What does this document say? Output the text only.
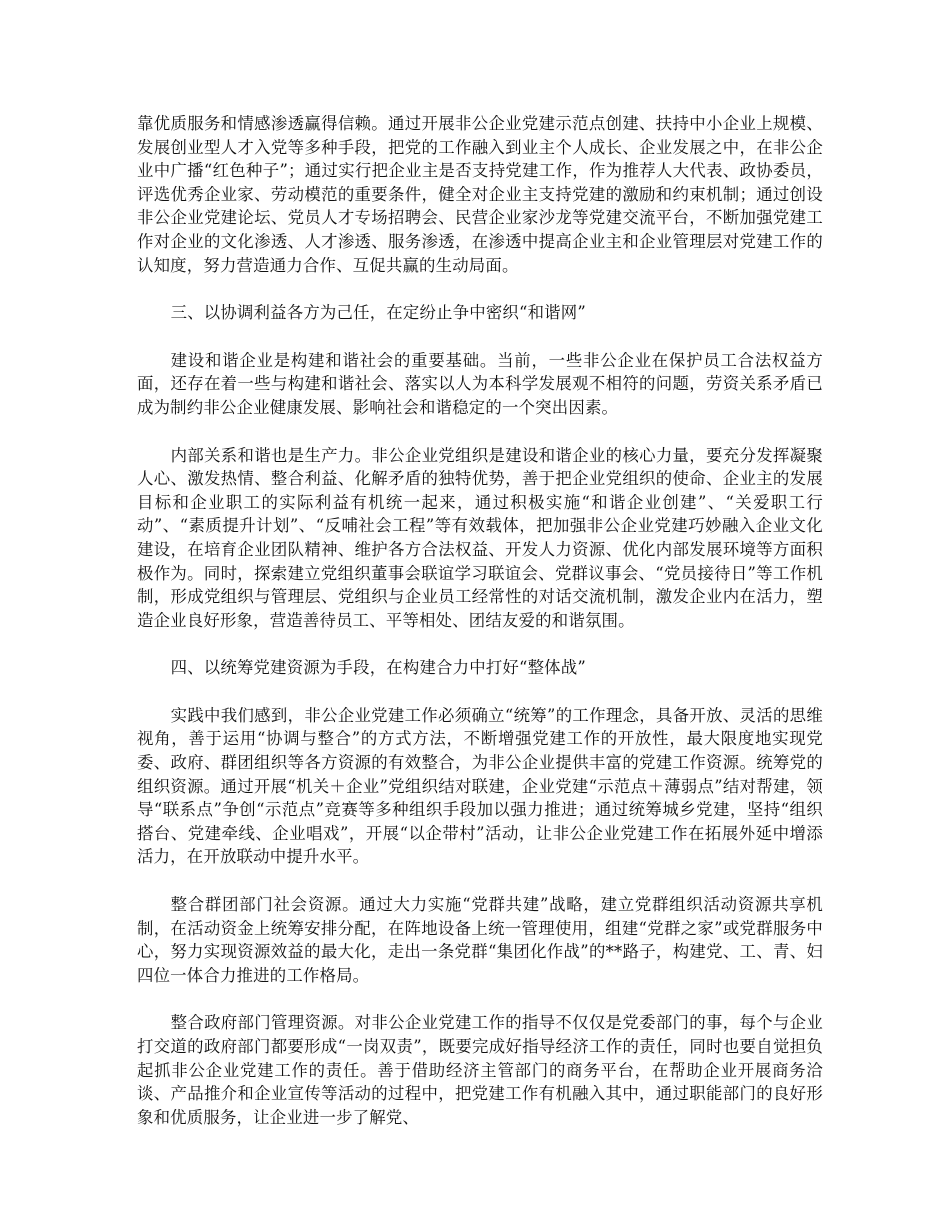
靠优质服务和情感渗透赢得信赖。通过开展非公企业党建示范点创建、扶持中小企业上规模、发展创业型人才入党等多种手段，把党的工作融入到业主个人成长、企业发展之中，在非公企业中广播“红色种子”；通过实行把企业主是否支持党建工作，作为推荐人大代表、政协委员，评选优秀企业家、劳动模范的重要条件，健全对企业主支持党建的激励和约束机制；通过创设非公企业党建论坛、党员人才专场招聘会、民营企业家沙龙等党建交流平台，不断加强党建工作对企业的文化渗透、人才渗透、服务渗透，在渗透中提高企业主和企业管理层对党建工作的认知度，努力营造通力合作、互促共赢的生动局面。

三、以协调利益各方为己任，在定纷止争中密织“和谐网”

建设和谐企业是构建和谐社会的重要基础。当前，一些非公企业在保护员工合法权益方面，还存在着一些与构建和谐社会、落实以人为本科学发展观不相符的问题，劳资关系矛盾已成为制约非公企业健康发展、影响社会和谐稳定的一个突出因素。

内部关系和谐也是生产力。非公企业党组织是建设和谐企业的核心力量，要充分发挥凝聚人心、激发热情、整合利益、化解矛盾的独特优势，善于把企业党组织的使命、企业主的发展目标和企业职工的实际利益有机统一起来，通过积极实施“和谐企业创建”、“关爱职工行动”、“素质提升计划”、“反哺社会工程”等有效载体，把加强非公企业党建巧妙融入企业文化建设，在培育企业团队精神、维护各方合法权益、开发人力资源、优化内部发展环境等方面积极作为。同时，探索建立党组织董事会联谊学习联谊会、党群议事会、“党员接待日”等工作机制，形成党组织与管理层、党组织与企业员工经常性的对话交流机制，激发企业内在活力，塑造企业良好形象，营造善待员工、平等相处、团结友爱的和谐氛围。

四、以统筹党建资源为手段，在构建合力中打好“整体战”

实践中我们感到，非公企业党建工作必须确立“统筹”的工作理念，具备开放、灵活的思维视角，善于运用“协调与整合”的方式方法，不断增强党建工作的开放性，最大限度地实现党委、政府、群团组织等各方资源的有效整合，为非公企业提供丰富的党建工作资源。统筹党的组织资源。通过开展“机关＋企业”党组织结对联建，企业党建“示范点＋薄弱点”结对帮建，领导“联系点”争创“示范点”竞赛等多种组织手段加以强力推进；通过统筹城乡党建，坚持“组织搭台、党建牵线、企业唱戏”，开展“以企带村”活动，让非公企业党建工作在拓展外延中增添活力，在开放联动中提升水平。

整合群团部门社会资源。通过大力实施“党群共建”战略，建立党群组织活动资源共享机制，在活动资金上统筹安排分配，在阵地设备上统一管理使用，组建“党群之家”或党群服务中心，努力实现资源效益的最大化，走出一条党群“集团化作战”的**路子，构建党、工、青、妇四位一体合力推进的工作格局。

整合政府部门管理资源。对非公企业党建工作的指导不仅仅是党委部门的事，每个与企业打交道的政府部门都要形成“一岗双责”，既要完成好指导经济工作的责任，同时也要自觉担负起抓非公企业党建工作的责任。善于借助经济主管部门的商务平台，在帮助企业开展商务洽谈、产品推介和企业宣传等活动的过程中，把党建工作有机融入其中，通过职能部门的良好形象和优质服务，让企业进一步了解党、
